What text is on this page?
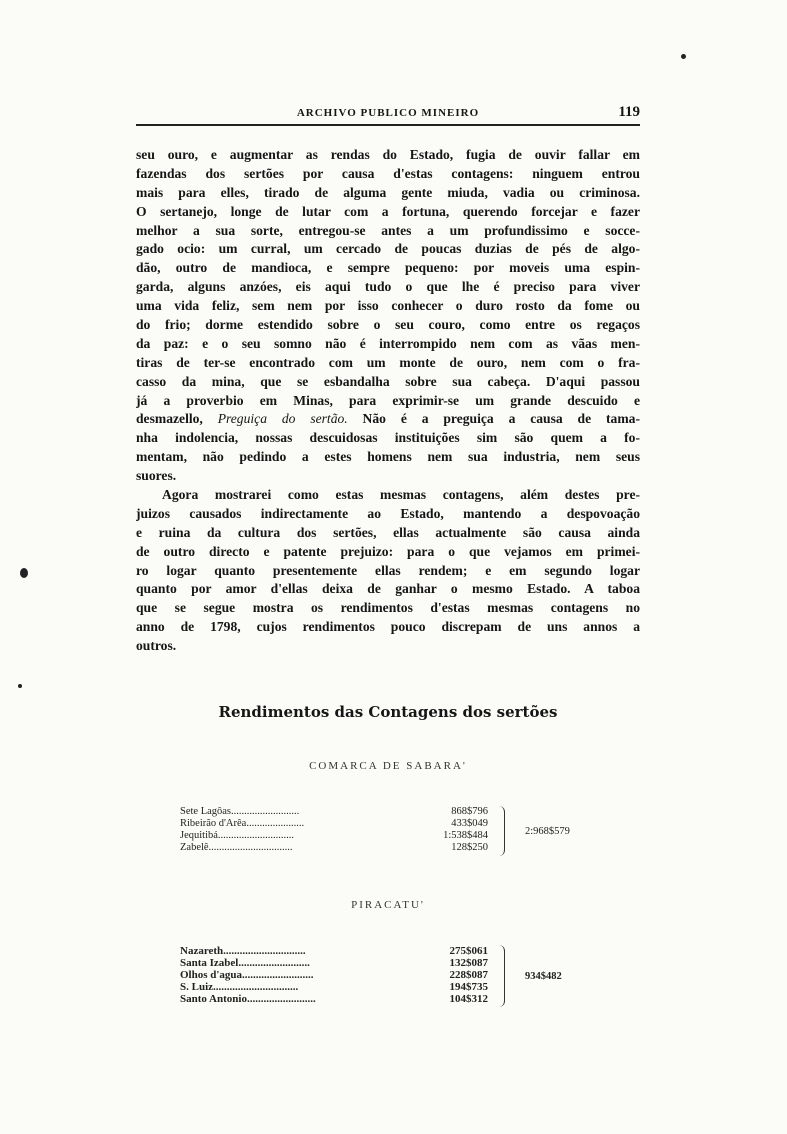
ARCHIVO PUBLICO MINEIRO	119
seu ouro, e augmentar as rendas do Estado, fugia de ouvir fallar em
fazendas dos sertões por causa d'estas contagens: ninguem entrou
mais para elles, tirado de alguma gente miuda, vadia ou criminosa.
O sertanejo, longe de lutar com a fortuna, querendo forcejar e fazer
melhor a sua sorte, entregou-se antes a um profundissimo e socce-
gado ocio: um curral, um cercado de poucas duzias de pés de algo-
dão, outro de mandioca, e sempre pequeno: por moveis uma espin-
garda, alguns anzóes, eis aqui tudo o que lhe é preciso para viver
uma vida feliz, sem nem por isso conhecer o duro rosto da fome ou
do frio; dorme estendido sobre o seu couro, como entre os regaços
da paz: e o seu somno não é interrompido nem com as vãas men-
tiras de ter-se encontrado com um monte de ouro, nem com o fra-
casso da mina, que se esbandalha sobre sua cabeça. D'aqui passou
já a proverbio em Minas, para exprimir-se um grande descuido e
desmazello, Preguiça do sertão. Não é a preguiça a causa de tama-
nha indolencia, nossas descuidosas instituições sim são quem a fo-
mentam, não pedindo a estes homens nem sua industria, nem seus
suores.
Agora mostrarei como estas mesmas contagens, além destes pre-
juizos causados indirectamente ao Estado, mantendo a despovoação
e ruina da cultura dos sertões, ellas actualmente são causa ainda
de outro directo e patente prejuizo: para o que vejamos em primei-
ro logar quanto presentemente ellas rendem; e em segundo logar
quanto por amor d'ellas deixa de ganhar o mesmo Estado. A taboa
que se segue mostra os rendimentos d'estas mesmas contagens no
anno de 1798, cujos rendimentos pouco discrepam de uns annos a
outros.
Rendimentos das Contagens dos sertões
COMARCA DE SABARA'
Sete Lagôas..........................	868$796
Ribeirão d'Arêa......................	433$049
Jequitibá.............................	1:538$484
Zabelê................................	128$250
2:968$579
PIRACATU'
Nazareth..............................	275$061
Santa Izabel..........................	132$087
Olhos d'agua..........................	228$087
S. Luiz...............................	194$735
Santo Antonio.........................	104$312
934$482
